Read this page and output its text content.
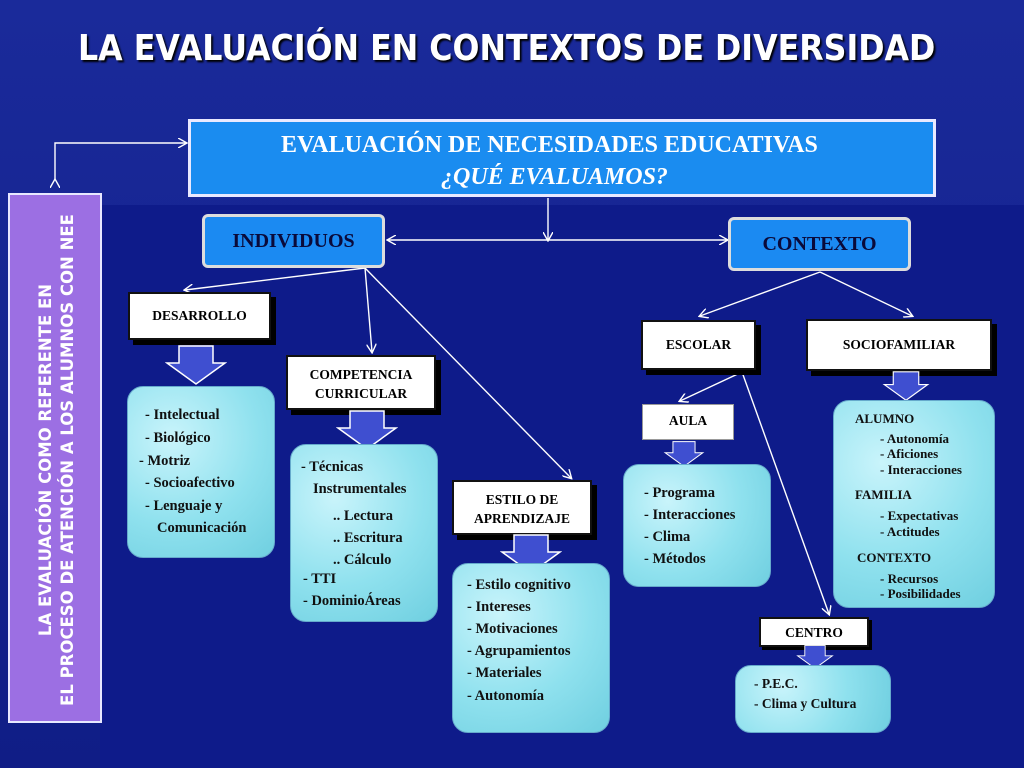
LA EVALUACIÓN EN CONTEXTOS DE DIVERSIDAD
LA EVALUACIÓN COMO REFERENTE EN EL PROCESO DE ATENCIÓN A LOS ALUMNOS CON NEE
EVALUACIÓN DE NECESIDADES EDUCATIVAS
¿QUÉ EVALUAMOS?
INDIVIDUOS	CONTEXTO
DESARROLLO
- Intelectual
- Biológico
- Motriz
- Socioafectivo
- Lenguaje y
Comunicación
COMPETENCIA
CURRICULAR
- Técnicas
Instrumentales
.. Lectura
.. Escritura
.. Cálculo
- TTI
- DominioÁreas
ESTILO DE
APRENDIZAJE
- Estilo cognitivo
- Intereses
- Motivaciones
- Agrupamientos
- Materiales
- Autonomía
ESCOLAR
AULA
- Programa
- Interacciones
- Clima
- Métodos
CENTRO
- P.E.C.
- Clima y Cultura
SOCIOFAMILIAR
ALUMNO
- Autonomía
- Aficiones
- Interacciones
FAMILIA
- Expectativas
- Actitudes
CONTEXTO
- Recursos
- Posibilidades
